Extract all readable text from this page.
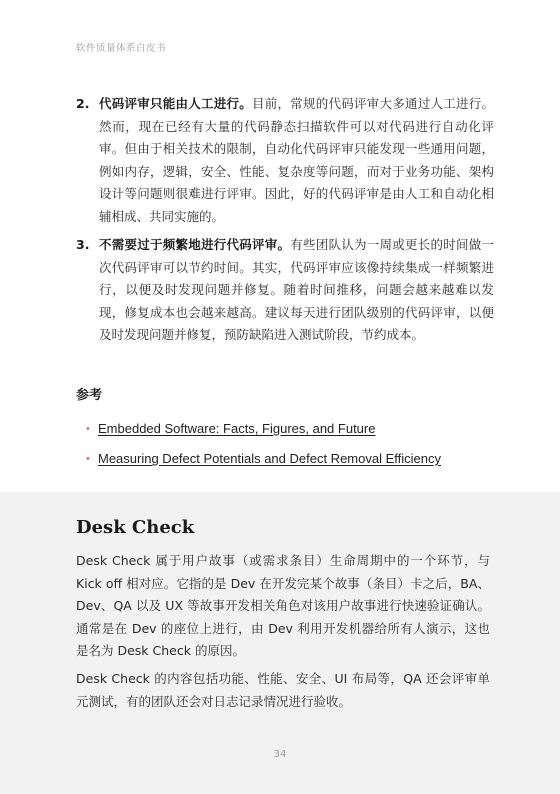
软件质量体系白皮书
2. 代码评审只能由人工进行。目前，常规的代码评审大多通过人工进行。然而，现在已经有大量的代码静态扫描软件可以对代码进行自动化评审。但由于相关技术的限制，自动化代码评审只能发现一些通用问题，例如内存，逻辑，安全、性能、复杂度等问题，而对于业务功能、架构设计等问题则很难进行评审。因此，好的代码评审是由人工和自动化相辅相成、共同实施的。
3. 不需要过于频繁地进行代码评审。有些团队认为一周或更长的时间做一次代码评审可以节约时间。其实，代码评审应该像持续集成一样频繁进行，以便及时发现问题并修复。随着时间推移，问题会越来越难以发现，修复成本也会越来越高。建议每天进行团队级别的代码评审，以便及时发现问题并修复，预防缺陷进入测试阶段，节约成本。
参考
• Embedded Software: Facts, Figures, and Future
• Measuring Defect Potentials and Defect Removal Efficiency
Desk Check

Desk Check 属于用户故事（或需求条目）生命周期中的一个环节，与 Kick off 相对应。它指的是 Dev 在开发完某个故事（条目）卡之后，BA、Dev、QA 以及 UX 等故事开发相关角色对该用户故事进行快速验证确认。通常是在 Dev 的座位上进行，由 Dev 利用开发机器给所有人演示，这也是名为 Desk Check 的原因。

Desk Check 的内容包括功能、性能、安全、UI 布局等，QA 还会评审单元测试，有的团队还会对日志记录情况进行验收。

34
